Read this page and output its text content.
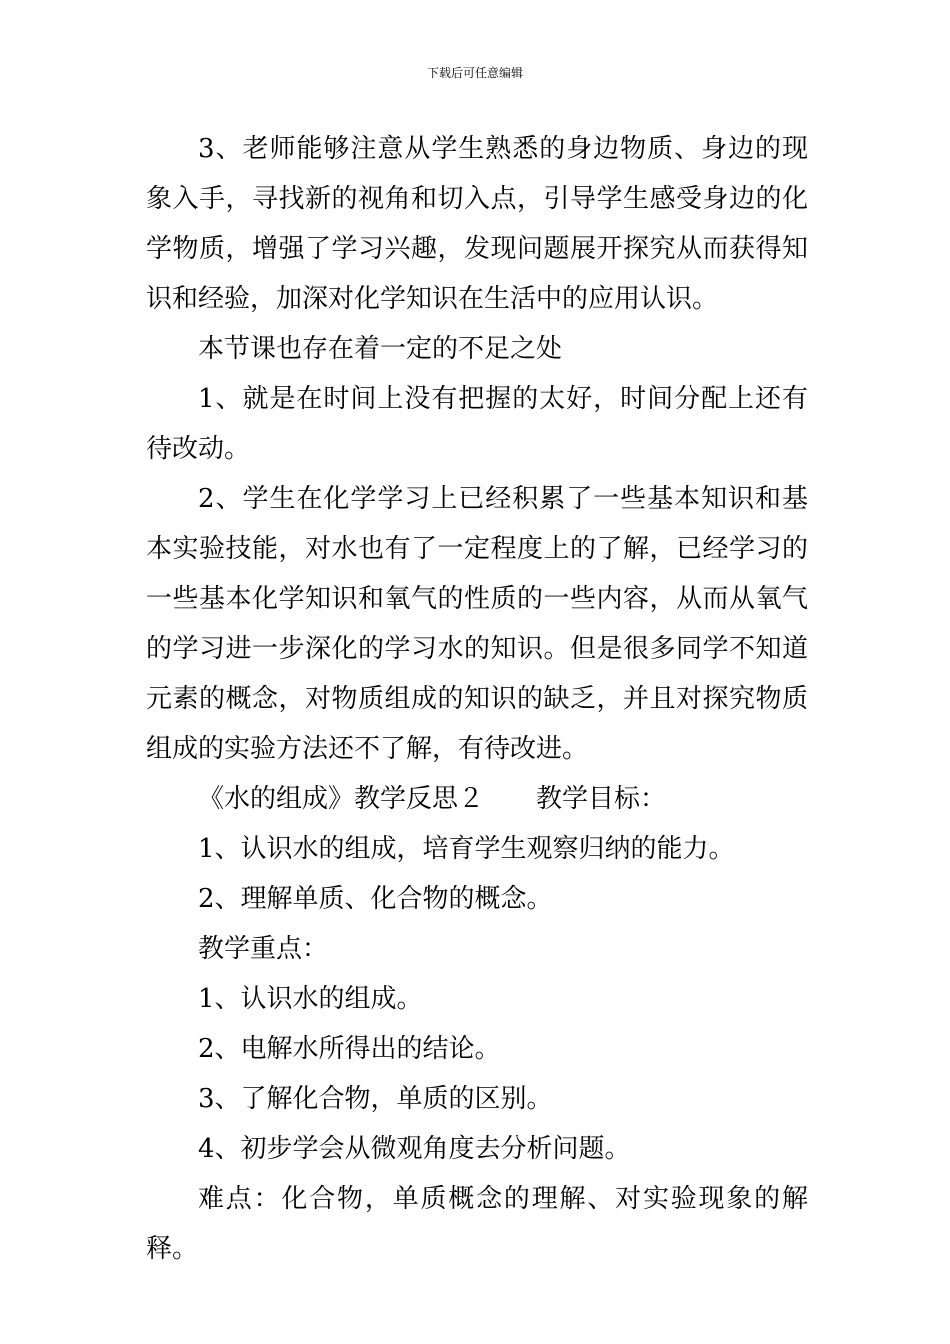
下载后可任意编辑

3、老师能够注意从学生熟悉的身边物质、身边的现象入手，寻找新的视角和切入点，引导学生感受身边的化学物质，增强了学习兴趣，发现问题展开探究从而获得知识和经验，加深对化学知识在生活中的应用认识。

本节课也存在着一定的不足之处

1、就是在时间上没有把握的太好，时间分配上还有待改动。

2、学生在化学学习上已经积累了一些基本知识和基本实验技能，对水也有了一定程度上的了解，已经学习的一些基本化学知识和氧气的性质的一些内容，从而从氧气的学习进一步深化的学习水的知识。但是很多同学不知道元素的概念，对物质组成的知识的缺乏，并且对探究物质组成的实验方法还不了解，有待改进。

《水的组成》教学反思２ 教学目标：

1、认识水的组成，培育学生观察归纳的能力。

2、理解单质、化合物的概念。

教学重点：

1、认识水的组成。

2、电解水所得出的结论。

3、了解化合物，单质的区别。

4、初步学会从微观角度去分析问题。

难点：化合物，单质概念的理解、对实验现象的解释。
